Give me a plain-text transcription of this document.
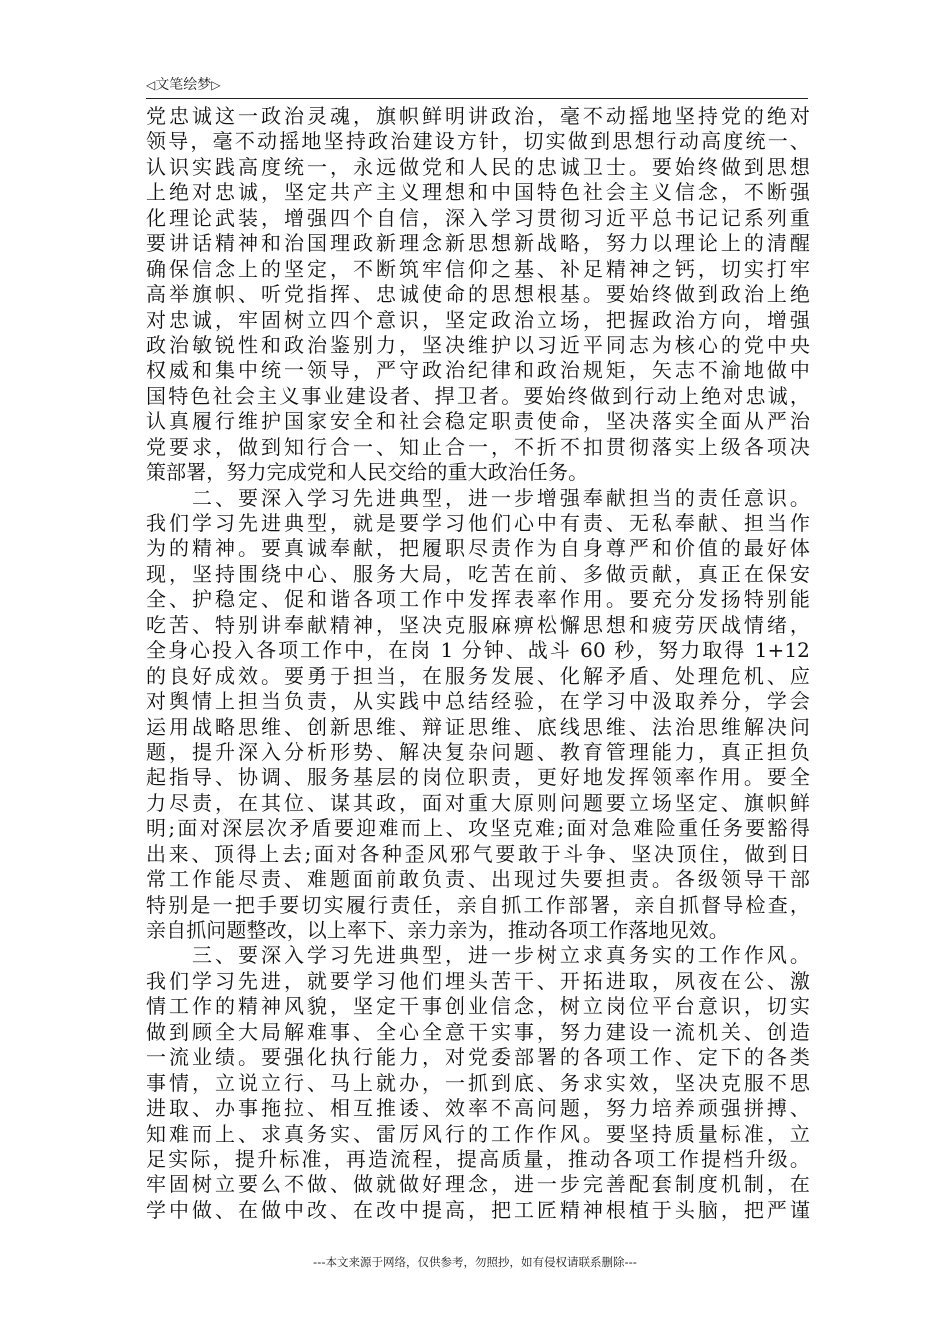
◁文笔绘梦▷
党忠诚这一政治灵魂，旗帜鲜明讲政治，毫不动摇地坚持党的绝对
领导，毫不动摇地坚持政治建设方针，切实做到思想行动高度统一、
认识实践高度统一，永远做党和人民的忠诚卫士。要始终做到思想
上绝对忠诚，坚定共产主义理想和中国特色社会主义信念，不断强
化理论武装，增强四个自信，深入学习贯彻习近平总书记记系列重
要讲话精神和治国理政新理念新思想新战略，努力以理论上的清醒
确保信念上的坚定，不断筑牢信仰之基、补足精神之钙，切实打牢
高举旗帜、听党指挥、忠诚使命的思想根基。要始终做到政治上绝
对忠诚，牢固树立四个意识，坚定政治立场，把握政治方向，增强
政治敏锐性和政治鉴别力，坚决维护以习近平同志为核心的党中央
权威和集中统一领导，严守政治纪律和政治规矩，矢志不渝地做中
国特色社会主义事业建设者、捍卫者。要始终做到行动上绝对忠诚，
认真履行维护国家安全和社会稳定职责使命，坚决落实全面从严治
党要求，做到知行合一、知止合一，不折不扣贯彻落实上级各项决
策部署，努力完成党和人民交给的重大政治任务。
　　二、要深入学习先进典型，进一步增强奉献担当的责任意识。
我们学习先进典型，就是要学习他们心中有责、无私奉献、担当作
为的精神。要真诚奉献，把履职尽责作为自身尊严和价值的最好体
现，坚持围绕中心、服务大局，吃苦在前、多做贡献，真正在保安
全、护稳定、促和谐各项工作中发挥表率作用。要充分发扬特别能
吃苦、特别讲奉献精神，坚决克服麻痹松懈思想和疲劳厌战情绪，
全身心投入各项工作中，在岗 1 分钟、战斗 60 秒，努力取得 1+12
的良好成效。要勇于担当，在服务发展、化解矛盾、处理危机、应
对舆情上担当负责，从实践中总结经验，在学习中汲取养分，学会
运用战略思维、创新思维、辩证思维、底线思维、法治思维解决问
题，提升深入分析形势、解决复杂问题、教育管理能力，真正担负
起指导、协调、服务基层的岗位职责，更好地发挥领率作用。要全
力尽责，在其位、谋其政，面对重大原则问题要立场坚定、旗帜鲜
明;面对深层次矛盾要迎难而上、攻坚克难;面对急难险重任务要豁得
出来、顶得上去;面对各种歪风邪气要敢于斗争、坚决顶住，做到日
常工作能尽责、难题面前敢负责、出现过失要担责。各级领导干部
特别是一把手要切实履行责任，亲自抓工作部署，亲自抓督导检查，
亲自抓问题整改，以上率下、亲力亲为，推动各项工作落地见效。
　　三、要深入学习先进典型，进一步树立求真务实的工作作风。
我们学习先进，就要学习他们埋头苦干、开拓进取，夙夜在公、激
情工作的精神风貌，坚定干事创业信念，树立岗位平台意识，切实
做到顾全大局解难事、全心全意干实事，努力建设一流机关、创造
一流业绩。要强化执行能力，对党委部署的各项工作、定下的各类
事情，立说立行、马上就办，一抓到底、务求实效，坚决克服不思
进取、办事拖拉、相互推诿、效率不高问题，努力培养顽强拼搏、
知难而上、求真务实、雷厉风行的工作作风。要坚持质量标准，立
足实际，提升标准，再造流程，提高质量，推动各项工作提档升级。
牢固树立要么不做、做就做好理念，进一步完善配套制度机制，在
学中做、在做中改、在改中提高，把工匠精神根植于头脑，把严谨
---本文来源于网络，仅供参考，勿照抄，如有侵权请联系删除---
